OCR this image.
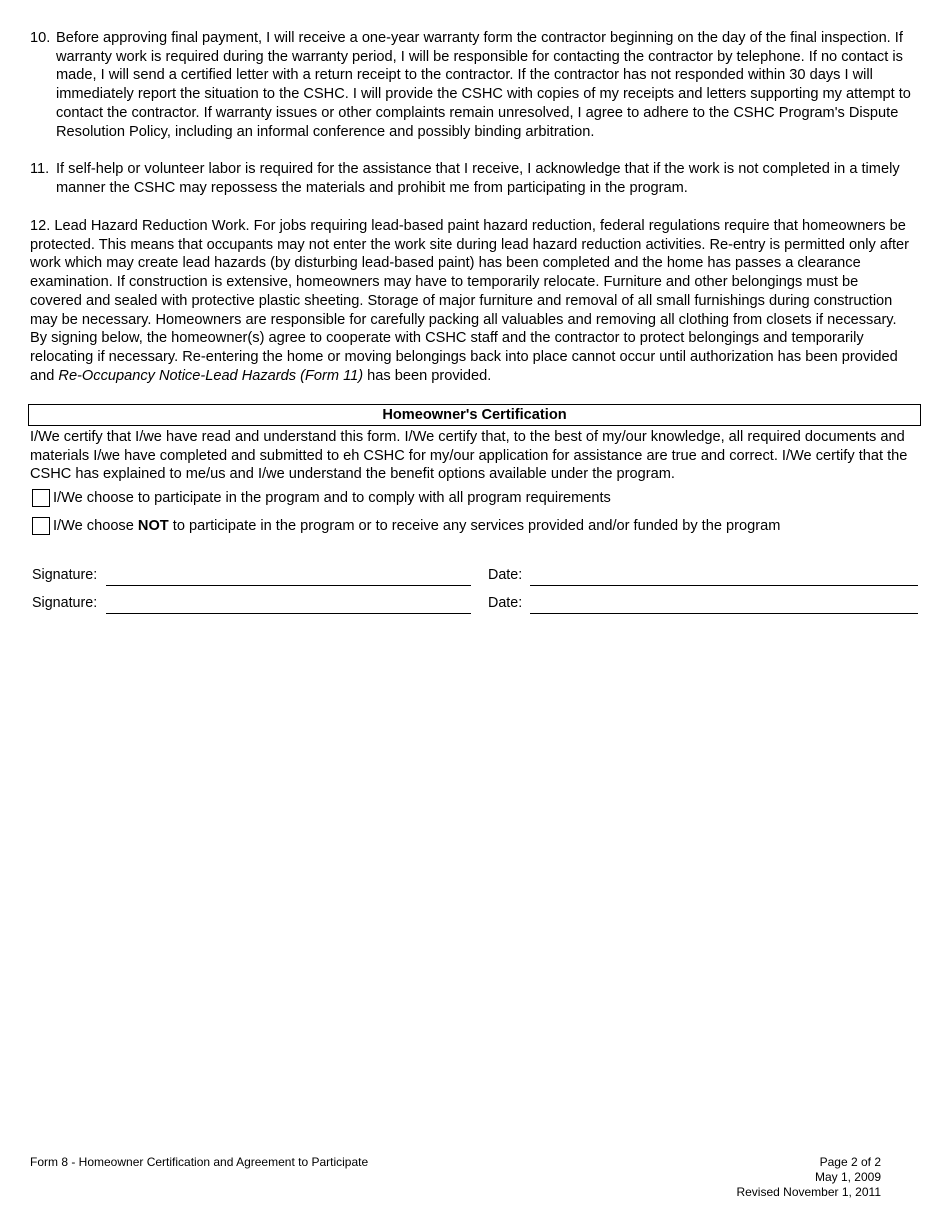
10. Before approving final payment, I will receive a one-year warranty form the contractor beginning on the day of the final inspection. If warranty work is required during the warranty period, I will be responsible for contacting the contractor by telephone. If no contact is made, I will send a certified letter with a return receipt to the contractor. If the contractor has not responded within 30 days I will immediately report the situation to the CSHC. I will provide the CSHC with copies of my receipts and letters supporting my attempt to contact the contractor. If warranty issues or other complaints remain unresolved, I agree to adhere to the CSHC Program's Dispute Resolution Policy, including an informal conference and possibly binding arbitration.
11. If self-help or volunteer labor is required for the assistance that I receive, I acknowledge that if the work is not completed in a timely manner the CSHC may repossess the materials and prohibit me from participating in the program.
12. Lead Hazard Reduction Work. For jobs requiring lead-based paint hazard reduction, federal regulations require that homeowners be protected. This means that occupants may not enter the work site during lead hazard reduction activities. Re-entry is permitted only after work which may create lead hazards (by disturbing lead-based paint) has been completed and the home has passes a clearance examination. If construction is extensive, homeowners may have to temporarily relocate. Furniture and other belongings must be covered and sealed with protective plastic sheeting. Storage of major furniture and removal of all small furnishings during construction may be necessary. Homeowners are responsible for carefully packing all valuables and removing all clothing from closets if necessary. By signing below, the homeowner(s) agree to cooperate with CSHC staff and the contractor to protect belongings and temporarily relocating if necessary. Re-entering the home or moving belongings back into place cannot occur until authorization has been provided and Re-Occupancy Notice-Lead Hazards (Form 11) has been provided.
Homeowner's Certification
I/We certify that I/we have read and understand this form. I/We certify that, to the best of my/our knowledge, all required documents and materials I/we have completed and submitted to eh CSHC for my/our application for assistance are true and correct. I/We certify that the CSHC has explained to me/us and I/we understand the benefit options available under the program.
I/We choose to participate in the program and to comply with all program requirements
I/We choose NOT to participate in the program or to receive any services provided and/or funded by the program
Signature:	Date:
Signature:	Date:
Form 8 - Homeowner Certification and Agreement to Participate	Page 2 of 2
May 1, 2009
Revised November 1, 2011
